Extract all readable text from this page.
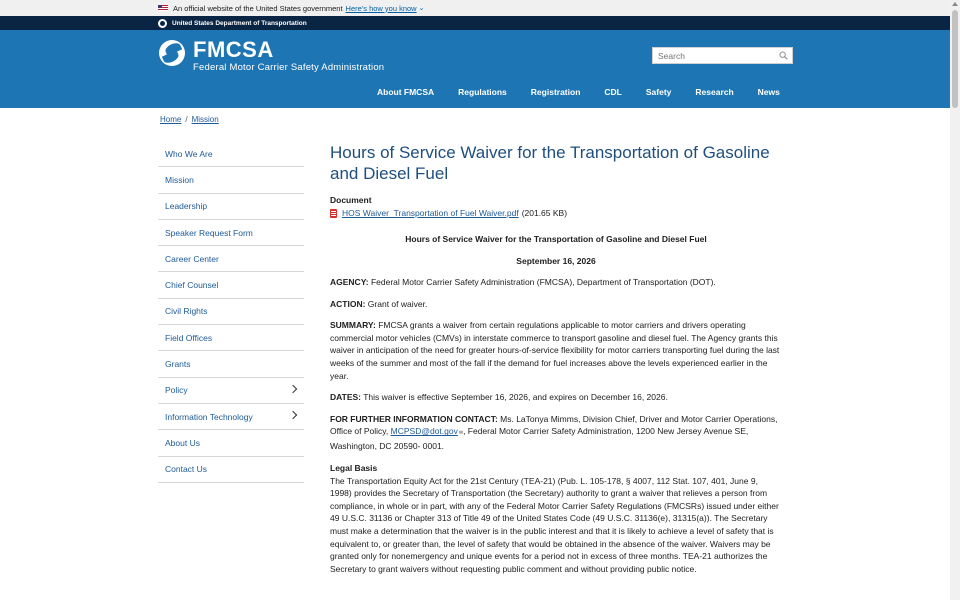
An official website of the United States government Here's how you know ⌄
United States Department of Transportation
FMCSA
Federal Motor Carrier Safety Administration
Search
About FMCSA	Regulations	Registration	CDL	Safety	Research	News
Home / Mission
Who We Are
Mission
Leadership
Speaker Request Form
Career Center
Chief Counsel
Civil Rights
Field Offices
Grants
Policy
Information Technology
About Us
Contact Us
Hours of Service Waiver for the Transportation of Gasoline and Diesel Fuel
Document
HOS Waiver_Transportation of Fuel Waiver.pdf (201.65 KB)
Hours of Service Waiver for the Transportation of Gasoline and Diesel Fuel
September 16, 2026

AGENCY: Federal Motor Carrier Safety Administration (FMCSA), Department of Transportation (DOT).

ACTION: Grant of waiver.

SUMMARY: FMCSA grants a waiver from certain regulations applicable to motor carriers and drivers operating commercial motor vehicles (CMVs) in interstate commerce to transport gasoline and diesel fuel. The Agency grants this waiver in anticipation of the need for greater hours-of-service flexibility for motor carriers transporting fuel during the last weeks of the summer and most of the fall if the demand for fuel increases above the levels experienced earlier in the year.

DATES: This waiver is effective September 16, 2026, and expires on December 16, 2026.

FOR FURTHER INFORMATION CONTACT: Ms. LaTonya Mimms, Division Chief, Driver and Motor Carrier Operations, Office of Policy, MCPSD@dot.gov✉, Federal Motor Carrier Safety Administration, 1200 New Jersey Avenue SE, Washington, DC 20590- 0001.

Legal Basis

The Transportation Equity Act for the 21st Century (TEA-21) (Pub. L. 105-178, § 4007, 112 Stat. 107, 401, June 9, 1998) provides the Secretary of Transportation (the Secretary) authority to grant a waiver that relieves a person from compliance, in whole or in part, with any of the Federal Motor Carrier Safety Regulations (FMCSRs) issued under either 49 U.S.C. 31136 or Chapter 313 of Title 49 of the United States Code (49 U.S.C. 31136(e), 31315(a)). The Secretary must make a determination that the waiver is in the public interest and that it is likely to achieve a level of safety that is equivalent to, or greater than, the level of safety that would be obtained in the absence of the waiver. Waivers may be granted only for nonemergency and unique events for a period not in excess of three months. TEA-21 authorizes the Secretary to grant waivers without requesting public comment and without providing public notice.
